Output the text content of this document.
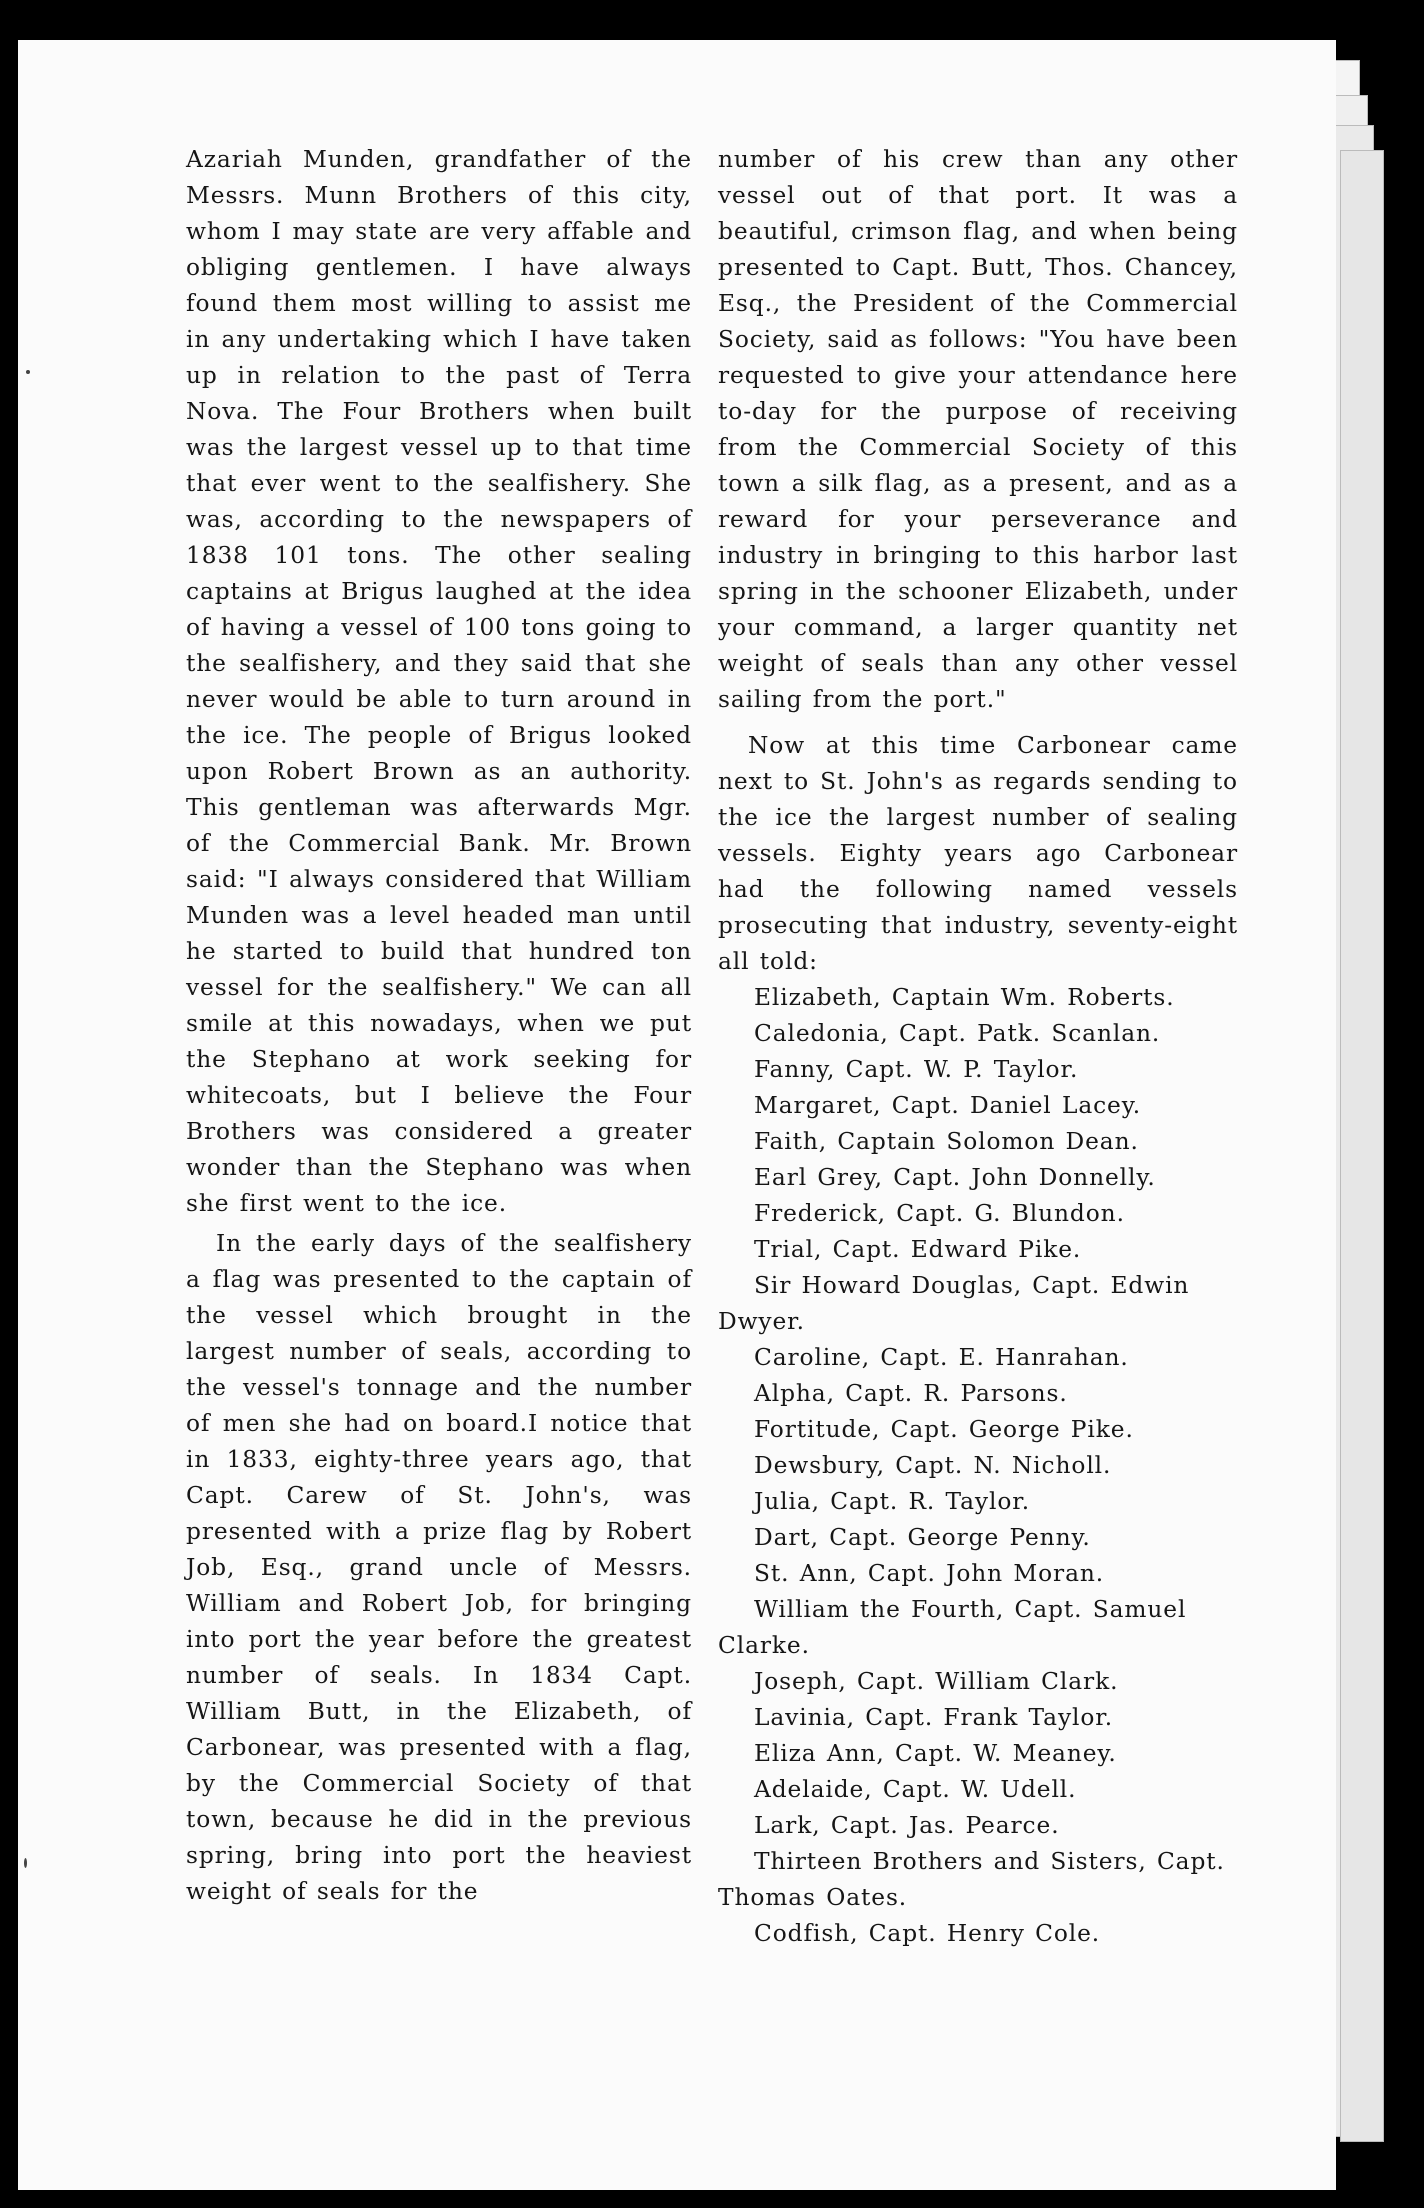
Azariah Munden, grandfather of the Messrs. Munn Brothers of this city, whom I may state are very affable and obliging gentlemen. I have always found them most willing to assist me in any undertaking which I have taken up in relation to the past of Terra Nova. The Four Brothers when built was the largest vessel up to that time that ever went to the sealfishery. She was, according to the newspapers of 1838 101 tons. The other sealing captains at Brigus laughed at the idea of having a vessel of 100 tons going to the sealfishery, and they said that she never would be able to turn around in the ice. The people of Brigus looked upon Robert Brown as an authority. This gentleman was afterwards Mgr. of the Commercial Bank. Mr. Brown said: "I always considered that William Munden was a level headed man until he started to build that hundred ton vessel for the sealfishery." We can all smile at this nowadays, when we put the Stephano at work seeking for whitecoats, but I believe the Four Brothers was considered a greater wonder than the Stephano was when she first went to the ice.

In the early days of the sealfishery a flag was presented to the captain of the vessel which brought in the largest number of seals, according to the vessel's tonnage and the number of men she had on board.I notice that in 1833, eighty-three years ago, that Capt. Carew of St. John's, was presented with a prize flag by Robert Job, Esq., grand uncle of Messrs. William and Robert Job, for bringing into port the year before the greatest number of seals. In 1834 Capt. William Butt, in the Elizabeth, of Carbonear, was presented with a flag, by the Commercial Society of that town, because he did in the previous spring, bring into port the heaviest weight of seals for the

number of his crew than any other vessel out of that port. It was a beautiful, crimson flag, and when being presented to Capt. Butt, Thos. Chancey, Esq., the President of the Commercial Society, said as follows: "You have been requested to give your attendance here to-day for the purpose of receiving from the Commercial Society of this town a silk flag, as a present, and as a reward for your perseverance and industry in bringing to this harbor last spring in the schooner Elizabeth, under your command, a larger quantity net weight of seals than any other vessel sailing from the port."

Now at this time Carbonear came next to St. John's as regards sending to the ice the largest number of sealing vessels. Eighty years ago Carbonear had the following named vessels prosecuting that industry, seventy-eight all told:

Elizabeth, Captain Wm. Roberts.
Caledonia, Capt. Patk. Scanlan.
Fanny, Capt. W. P. Taylor.
Margaret, Capt. Daniel Lacey.
Faith, Captain Solomon Dean.
Earl Grey, Capt. John Donnelly.
Frederick, Capt. G. Blundon.
Trial, Capt. Edward Pike.
Sir Howard Douglas, Capt. Edwin Dwyer.
Caroline, Capt. E. Hanrahan.
Alpha, Capt. R. Parsons.
Fortitude, Capt. George Pike.
Dewsbury, Capt. N. Nicholl.
Julia, Capt. R. Taylor.
Dart, Capt. George Penny.
St. Ann, Capt. John Moran.
William the Fourth, Capt. Samuel Clarke.
Joseph, Capt. William Clark.
Lavinia, Capt. Frank Taylor.
Eliza Ann, Capt. W. Meaney.
Adelaide, Capt. W. Udell.
Lark, Capt. Jas. Pearce.
Thirteen Brothers and Sisters, Capt. Thomas Oates.
Codfish, Capt. Henry Cole.
